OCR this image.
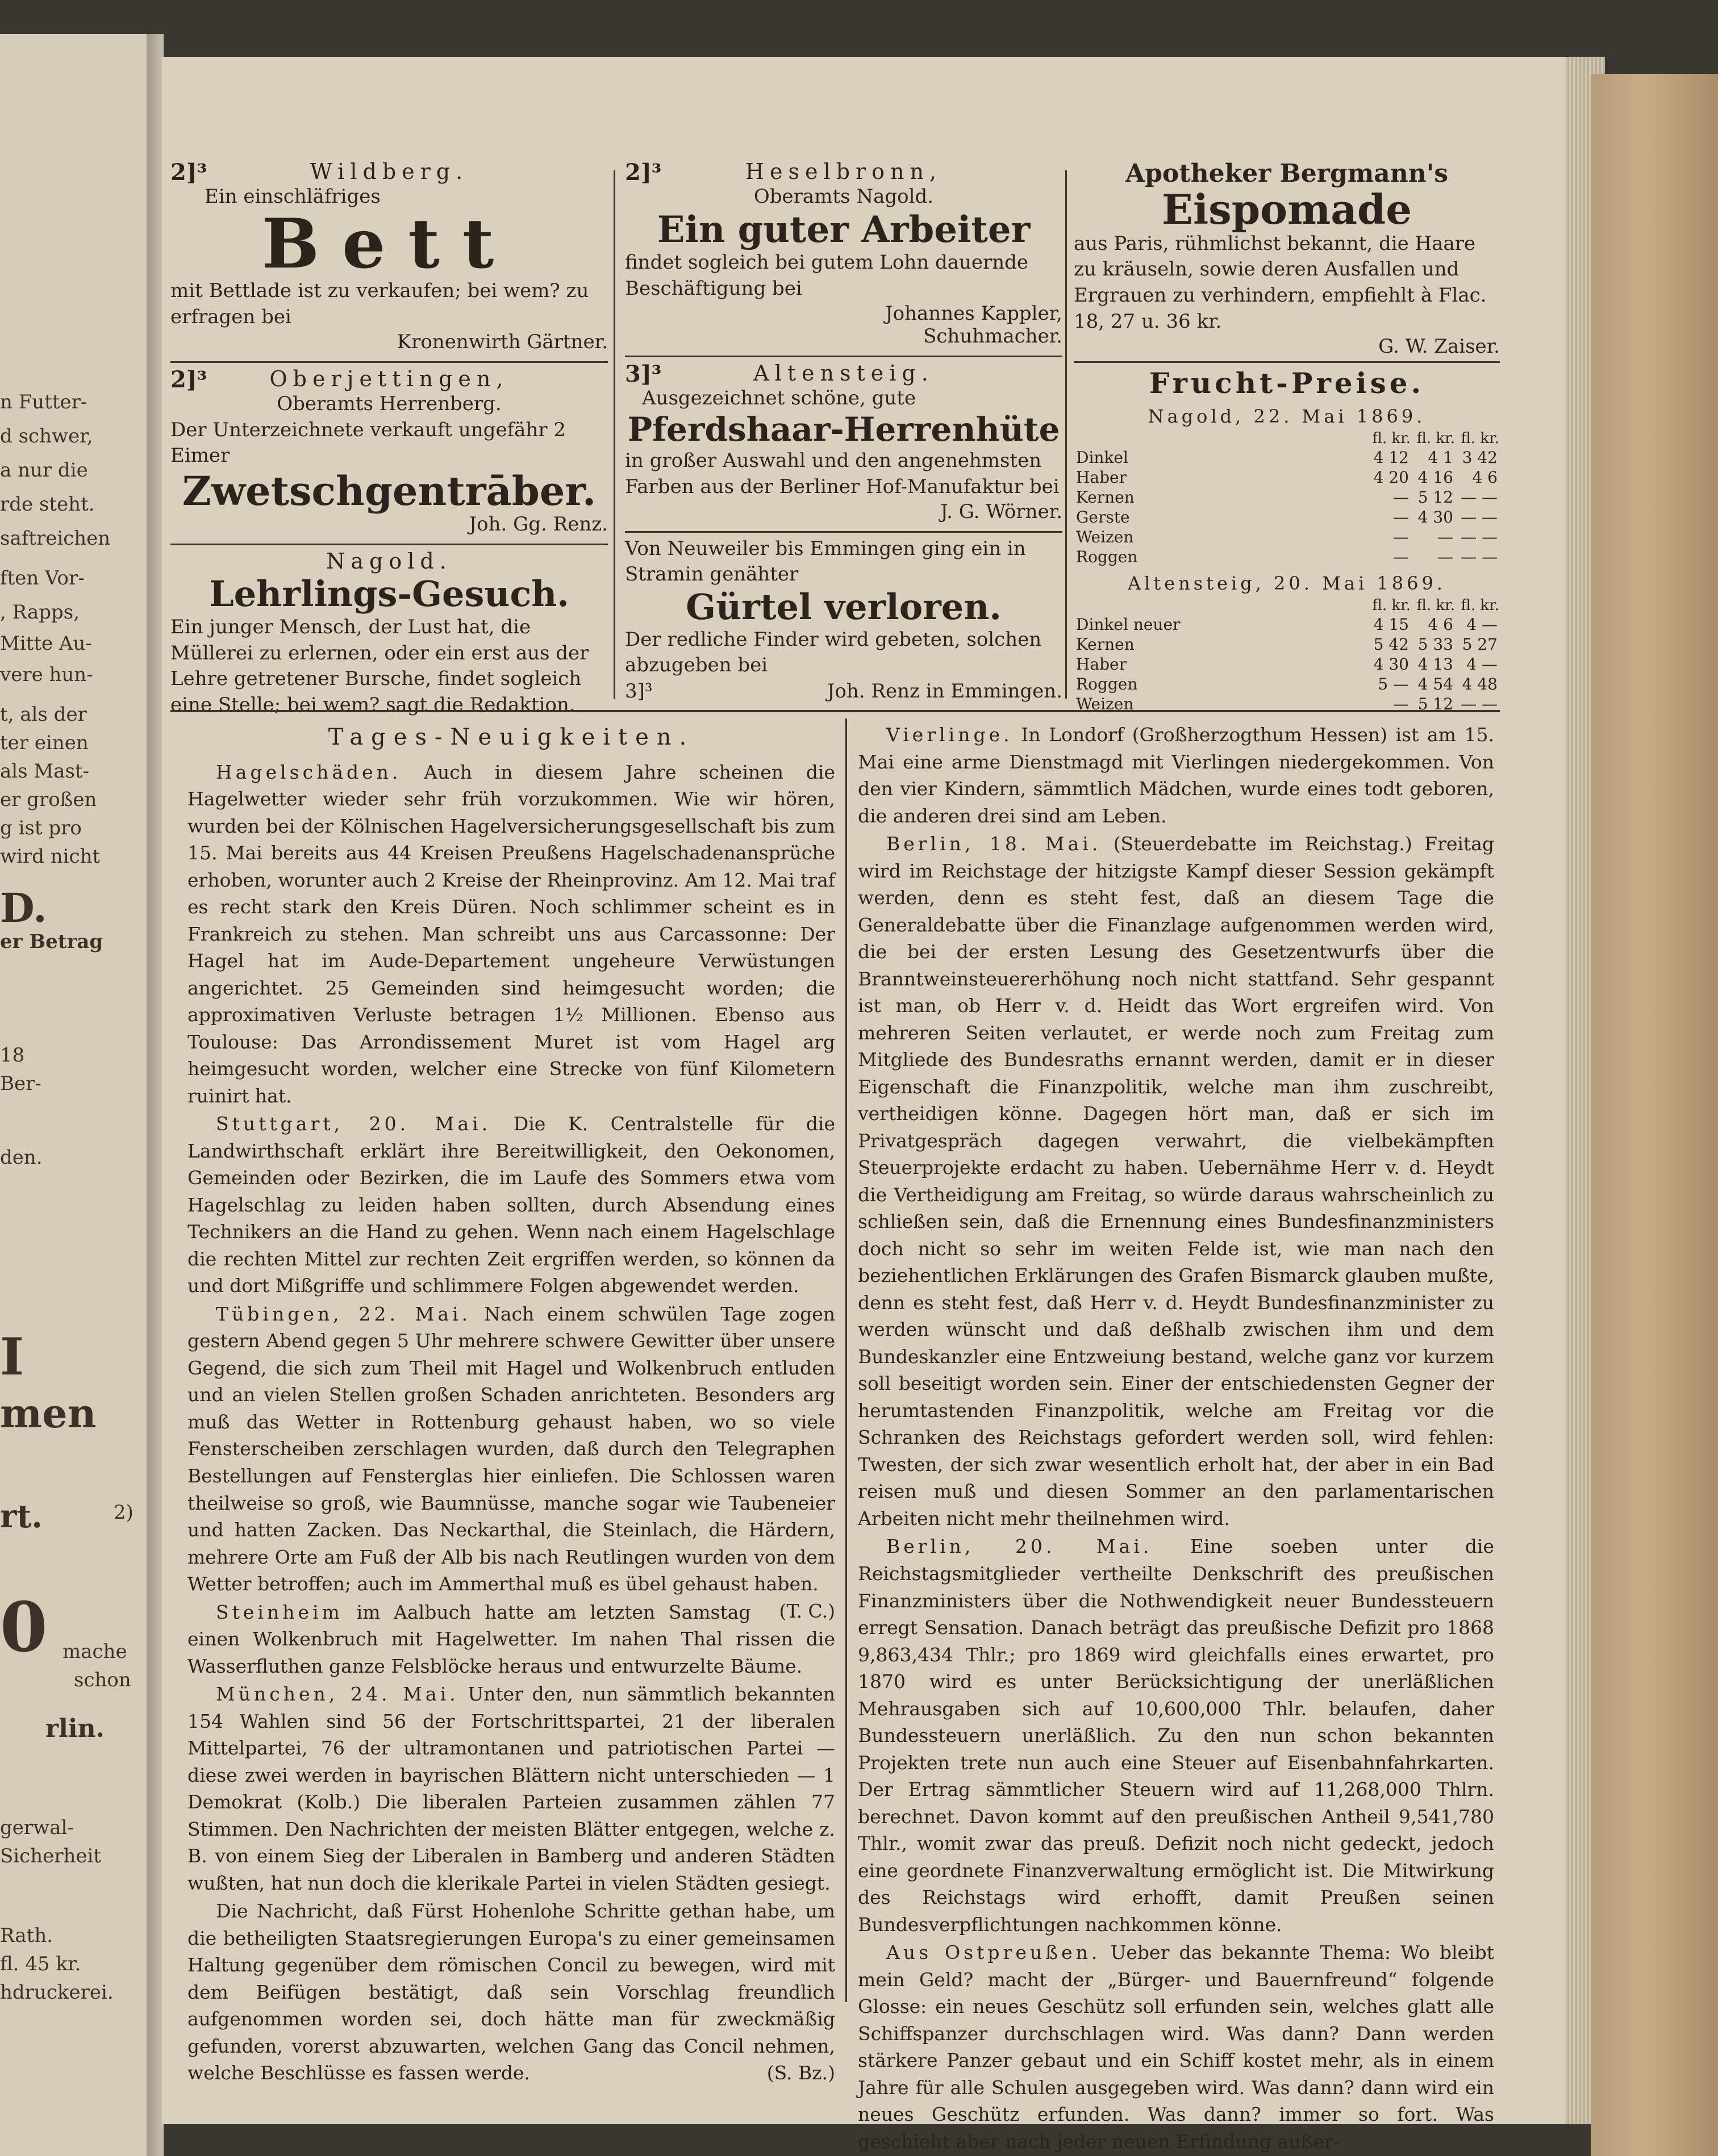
n Futter-
d schwer,
a nur die
rde steht.
saftreichen
ften Vor-
, Rapps,
Mitte Au-
vere hun-
t, als der
ter einen
als Mast-
er großen
g ist pro
wird nicht
D.
er Betrag
18
Ber-
den.
I
men
rt.	2)
0 mache
schon
rlin.
gerwal-
Sicherheit
Rath.
fl. 45 kr.
hdruckerei.
2]³	Wildberg.
Ein einschläfriges
Bett
mit Bettlade ist zu verkaufen; bei wem? zu erfragen bei
Kronenwirth Gärtner.
2]³	Oberjettingen,
Oberamts Herrenberg.
Der Unterzeichnete verkauft ungefähr 2 Eimer
Zwetschgentrāber.
Joh. Gg. Renz.
Nagold.
Lehrlings-Gesuch.
Ein junger Mensch, der Lust hat, die Müllerei zu erlernen, oder ein erst aus der Lehre getretener Bursche, findet sogleich eine Stelle; bei wem? sagt die Redaktion.
2]³	Heselbronn,
Oberamts Nagold.
Ein guter Arbeiter
findet sogleich bei gutem Lohn dauernde Beschäftigung bei
Johannes Kappler,
Schuhmacher.
3]³	Altensteig.
Ausgezeichnet schöne, gute
Pferdshaar-Herrenhüte
in großer Auswahl und den angenehmsten Farben aus der Berliner Hof-Manufaktur bei
J. G. Wörner.
Von Neuweiler bis Emmingen ging ein in Stramin genähter
Gürtel verloren.
Der redliche Finder wird gebeten, solchen abzugeben bei
3]³	Joh. Renz in Emmingen.
Apotheker Bergmann's
Eispomade
aus Paris, rühmlichst bekannt, die Haare zu kräuseln, sowie deren Ausfallen und Ergrauen zu verhindern, empfiehlt à Flac. 18, 27 u. 36 kr.
G. W. Zaiser.
Frucht-Preise.
Nagold, 22. Mai 1869.
	fl. kr.	fl. kr.	fl. kr.
Dinkel	4 12	4 1	3 42
Haber	4 20	4 16	4 6
Kernen	—	5 12	— —
Gerste	—	4 30	— —
Weizen	—	—	— —
Roggen	—	—	— —
Altensteig, 20. Mai 1869.
	fl. kr.	fl. kr.	fl. kr.
Dinkel neuer	4 15	4 6	4 —
Kernen	5 42	5 33	5 27
Haber	4 30	4 13	4 —
Roggen	5 —	4 54	4 48
Weizen	—	5 12	— —
Tages-Neuigkeiten.

Hagelschäden. Auch in diesem Jahre scheinen die Hagelwetter wieder sehr früh vorzukommen. Wie wir hören, wurden bei der Kölnischen Hagelversicherungsgesellschaft bis zum 15. Mai bereits aus 44 Kreisen Preußens Hagelschadenansprüche erhoben, worunter auch 2 Kreise der Rheinprovinz. Am 12. Mai traf es recht stark den Kreis Düren. Noch schlimmer scheint es in Frankreich zu stehen. Man schreibt uns aus Carcassonne: Der Hagel hat im Aude-Departement ungeheure Verwüstungen angerichtet. 25 Gemeinden sind heimgesucht worden; die approximativen Verluste betragen 1½ Millionen. Ebenso aus Toulouse: Das Arrondissement Muret ist vom Hagel arg heimgesucht worden, welcher eine Strecke von fünf Kilometern ruinirt hat.

Stuttgart, 20. Mai. Die K. Centralstelle für die Landwirthschaft erklärt ihre Bereitwilligkeit, den Oekonomen, Gemeinden oder Bezirken, die im Laufe des Sommers etwa vom Hagelschlag zu leiden haben sollten, durch Absendung eines Technikers an die Hand zu gehen. Wenn nach einem Hagelschlage die rechten Mittel zur rechten Zeit ergriffen werden, so können da und dort Mißgriffe und schlimmere Folgen abgewendet werden.

Tübingen, 22. Mai. Nach einem schwülen Tage zogen gestern Abend gegen 5 Uhr mehrere schwere Gewitter über unsere Gegend, die sich zum Theil mit Hagel und Wolkenbruch entluden und an vielen Stellen großen Schaden anrichteten. Besonders arg muß das Wetter in Rottenburg gehaust haben, wo so viele Fensterscheiben zerschlagen wurden, daß durch den Telegraphen Bestellungen auf Fensterglas hier einliefen. Die Schlossen waren theilweise so groß, wie Baumnüsse, manche sogar wie Taubeneier und hatten Zacken. Das Neckarthal, die Steinlach, die Härdern, mehrere Orte am Fuß der Alb bis nach Reutlingen wurden von dem Wetter betroffen; auch im Ammerthal muß es übel gehaust haben.
(T. C.)

Steinheim im Aalbuch hatte am letzten Samstag einen Wolkenbruch mit Hagelwetter. Im nahen Thal rissen die Wasserfluthen ganze Felsblöcke heraus und entwurzelte Bäume.

München, 24. Mai. Unter den, nun sämmtlich bekannten 154 Wahlen sind 56 der Fortschrittspartei, 21 der liberalen Mittelpartei, 76 der ultramontanen und patriotischen Partei — diese zwei werden in bayrischen Blättern nicht unterschieden — 1 Demokrat (Kolb.) Die liberalen Parteien zusammen zählen 77 Stimmen. Den Nachrichten der meisten Blätter entgegen, welche z. B. von einem Sieg der Liberalen in Bamberg und anderen Städten wußten, hat nun doch die klerikale Partei in vielen Städten gesiegt.

Die Nachricht, daß Fürst Hohenlohe Schritte gethan habe, um die betheiligten Staatsregierungen Europa's zu einer gemeinsamen Haltung gegenüber dem römischen Concil zu bewegen, wird mit dem Beifügen bestätigt, daß sein Vorschlag freundlich aufgenommen worden sei, doch hätte man für zweckmäßig gefunden, vorerst abzuwarten, welchen Gang das Concil nehmen, welche Beschlüsse es fassen werde.	(S. Bz.)

Vierlinge. In Londorf (Großherzogthum Hessen) ist am 15. Mai eine arme Dienstmagd mit Vierlingen niedergekommen. Von den vier Kindern, sämmtlich Mädchen, wurde eines todt geboren, die anderen drei sind am Leben.

Berlin, 18. Mai. (Steuerdebatte im Reichstag.) Freitag wird im Reichstage der hitzigste Kampf dieser Session gekämpft werden, denn es steht fest, daß an diesem Tage die Generaldebatte über die Finanzlage aufgenommen werden wird, die bei der ersten Lesung des Gesetzentwurfs über die Branntweinsteuererhöhung noch nicht stattfand. Sehr gespannt ist man, ob Herr v. d. Heidt das Wort ergreifen wird. Von mehreren Seiten verlautet, er werde noch zum Freitag zum Mitgliede des Bundesraths ernannt werden, damit er in dieser Eigenschaft die Finanzpolitik, welche man ihm zuschreibt, vertheidigen könne. Dagegen hört man, daß er sich im Privatgespräch dagegen verwahrt, die vielbekämpften Steuerprojekte erdacht zu haben. Uebernähme Herr v. d. Heydt die Vertheidigung am Freitag, so würde daraus wahrscheinlich zu schließen sein, daß die Ernennung eines Bundesfinanzministers doch nicht so sehr im weiten Felde ist, wie man nach den beziehentlichen Erklärungen des Grafen Bismarck glauben mußte, denn es steht fest, daß Herr v. d. Heydt Bundesfinanzminister zu werden wünscht und daß deßhalb zwischen ihm und dem Bundeskanzler eine Entzweiung bestand, welche ganz vor kurzem soll beseitigt worden sein. Einer der entschiedensten Gegner der herumtastenden Finanzpolitik, welche am Freitag vor die Schranken des Reichstags gefordert werden soll, wird fehlen: Twesten, der sich zwar wesentlich erholt hat, der aber in ein Bad reisen muß und diesen Sommer an den parlamentarischen Arbeiten nicht mehr theilnehmen wird.

Berlin, 20. Mai. Eine soeben unter die Reichstagsmitglieder vertheilte Denkschrift des preußischen Finanzministers über die Nothwendigkeit neuer Bundessteuern erregt Sensation. Danach beträgt das preußische Defizit pro 1868 9,863,434 Thlr.; pro 1869 wird gleichfalls eines erwartet, pro 1870 wird es unter Berücksichtigung der unerläßlichen Mehrausgaben sich auf 10,600,000 Thlr. belaufen, daher Bundessteuern unerläßlich. Zu den nun schon bekannten Projekten trete nun auch eine Steuer auf Eisenbahnfahrkarten. Der Ertrag sämmtlicher Steuern wird auf 11,268,000 Thlrn. berechnet. Davon kommt auf den preußischen Antheil 9,541,780 Thlr., womit zwar das preuß. Defizit noch nicht gedeckt, jedoch eine geordnete Finanzverwaltung ermöglicht ist. Die Mitwirkung des Reichstags wird erhofft, damit Preußen seinen Bundesverpflichtungen nachkommen könne.

Aus Ostpreußen. Ueber das bekannte Thema: Wo bleibt mein Geld? macht der „Bürger- und Bauernfreund“ folgende Glosse: ein neues Geschütz soll erfunden sein, welches glatt alle Schiffspanzer durchschlagen wird. Was dann? Dann werden stärkere Panzer gebaut und ein Schiff kostet mehr, als in einem Jahre für alle Schulen ausgegeben wird. Was dann? dann wird ein neues Geschütz erfunden. Was dann? immer so fort. Was geschieht aber nach jeder neuen Erfindung außer-
